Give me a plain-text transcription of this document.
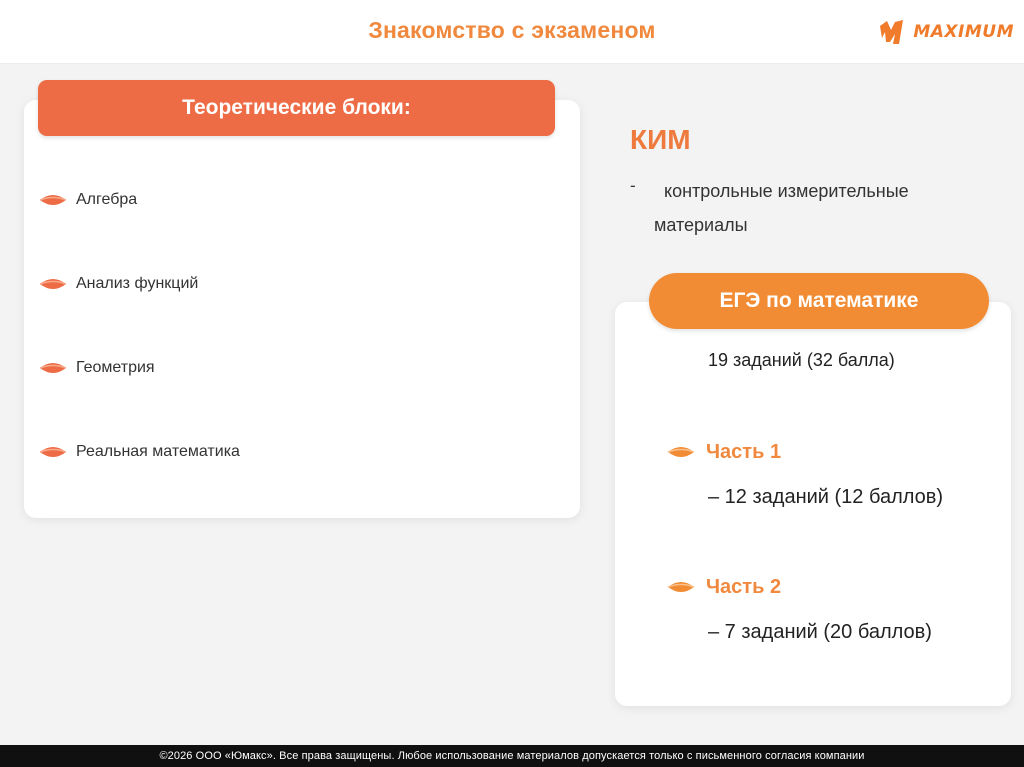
Знакомство с экзаменом	MAXIMUM
Теоретические блоки:
Алгебра
Анализ функций
Геометрия
Реальная математика
КИМ
-	контрольные измерительные материалы
ЕГЭ по математике
19 заданий (32 балла)
Часть 1
– 12 заданий (12 баллов)
Часть 2
– 7 заданий (20 баллов)
©2026 ООО «Юмакс». Все права защищены. Любое использование материалов допускается только с письменного согласия компании
